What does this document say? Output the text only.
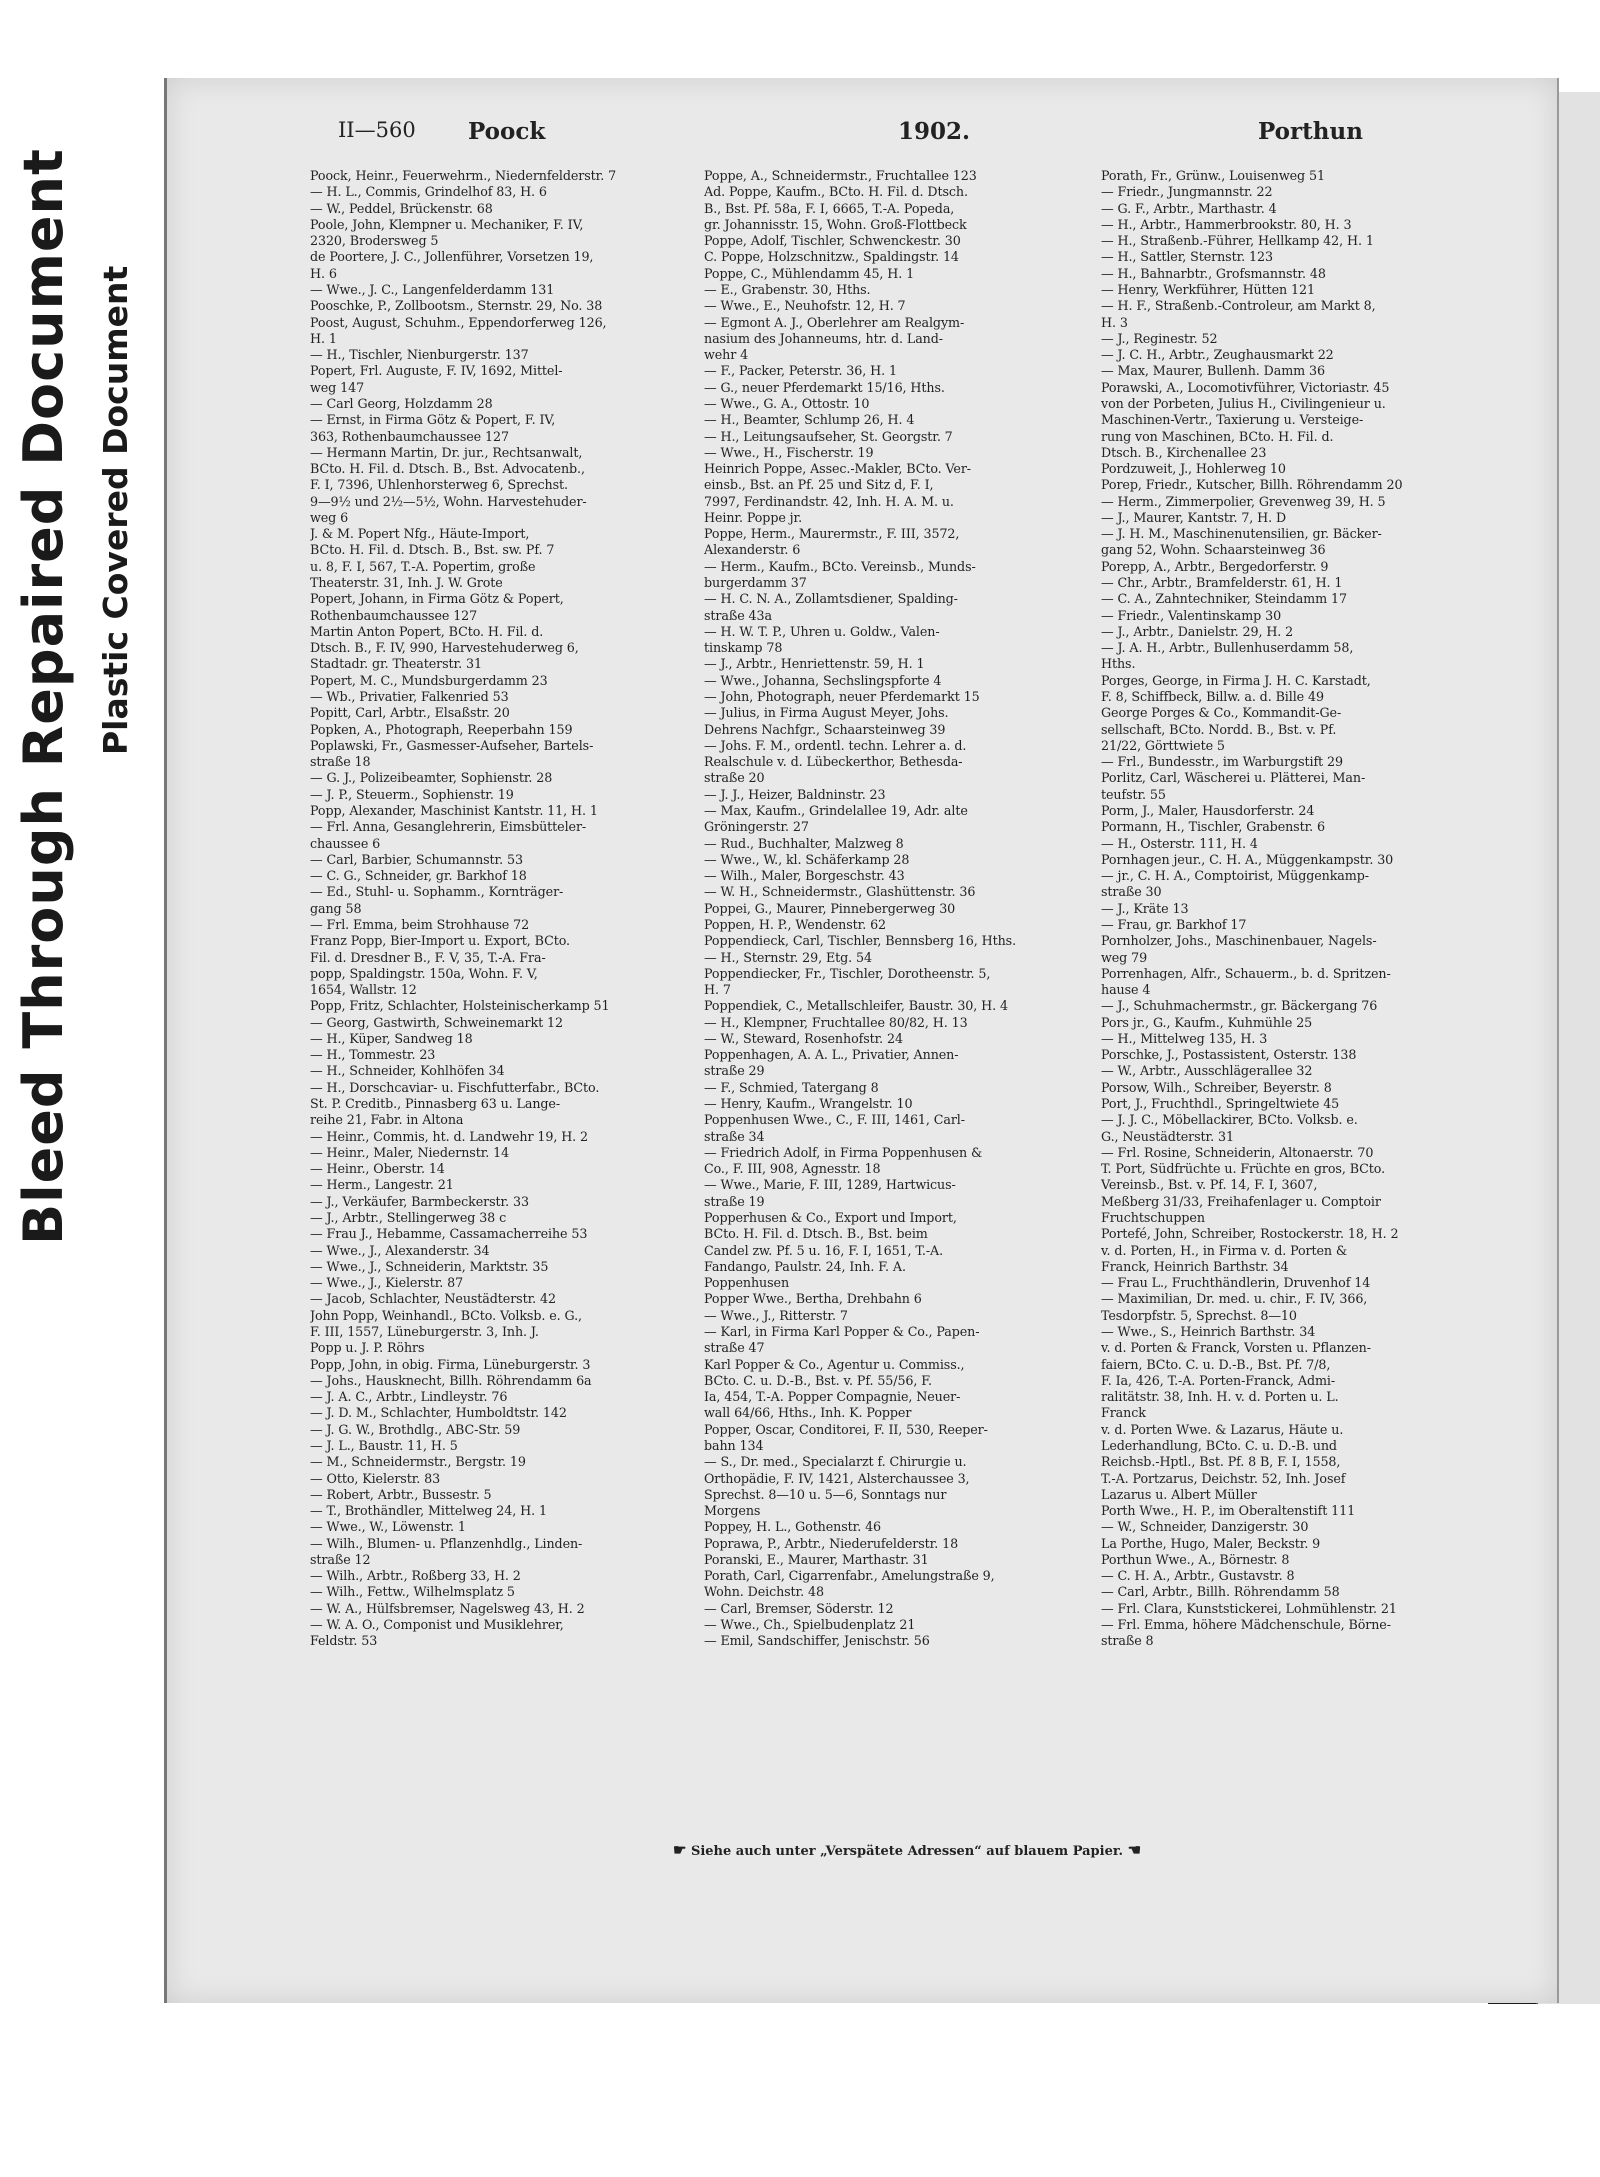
Bleed Through Repaired Document Plastic Covered Document
II—560 Poock	1902.	Porthun

Poock, Heinr., Feuerwehrm., Niedernfelderstr. 7

— H. L., Commis, Grindelhof 83, H. 6

— W., Peddel, Brückenstr. 68

Poole, John, Klempner u. Mechaniker, F. IV,

2320, Brodersweg 5

de Poortere, J. C., Jollenführer, Vorsetzen 19,

H. 6

— Wwe., J. C., Langenfelderdamm 131

Pooschke, P., Zollbootsm., Sternstr. 29, No. 38

Poost, August, Schuhm., Eppendorferweg 126,

H. 1

— H., Tischler, Nienburgerstr. 137

Popert, Frl. Auguste, F. IV, 1692, Mittel-

weg 147

— Carl Georg, Holzdamm 28

— Ernst, in Firma Götz & Popert, F. IV,

363, Rothenbaumchaussee 127

— Hermann Martin, Dr. jur., Rechtsanwalt,

BCto. H. Fil. d. Dtsch. B., Bst. Advocatenb.,

F. I, 7396, Uhlenhorsterweg 6, Sprechst.

9—9½ und 2½—5½, Wohn. Harvestehuder-

weg 6

J. & M. Popert Nfg., Häute-Import,

BCto. H. Fil. d. Dtsch. B., Bst. sw. Pf. 7

u. 8, F. I, 567, T.-A. Popertim, große

Theaterstr. 31, Inh. J. W. Grote

Popert, Johann, in Firma Götz & Popert,

Rothenbaumchaussee 127

Martin Anton Popert, BCto. H. Fil. d.

Dtsch. B., F. IV, 990, Harvestehuderweg 6,

Stadtadr. gr. Theaterstr. 31

Popert, M. C., Mundsburgerdamm 23

— Wb., Privatier, Falkenried 53

Popitt, Carl, Arbtr., Elsaßstr. 20

Popken, A., Photograph, Reeperbahn 159

Poplawski, Fr., Gasmesser-Aufseher, Bartels-

straße 18

— G. J., Polizeibeamter, Sophienstr. 28

— J. P., Steuerm., Sophienstr. 19

Popp, Alexander, Maschinist Kantstr. 11, H. 1

— Frl. Anna, Gesanglehrerin, Eimsbütteler-

chaussee 6

— Carl, Barbier, Schumannstr. 53

— C. G., Schneider, gr. Barkhof 18

— Ed., Stuhl- u. Sophamm., Kornträger-

gang 58

— Frl. Emma, beim Strohhause 72

Franz Popp, Bier-Import u. Export, BCto.

Fil. d. Dresdner B., F. V, 35, T.-A. Fra-

popp, Spaldingstr. 150a, Wohn. F. V,

1654, Wallstr. 12

Popp, Fritz, Schlachter, Holsteinischerkamp 51

— Georg, Gastwirth, Schweinemarkt 12

— H., Küper, Sandweg 18

— H., Tommestr. 23

— H., Schneider, Kohlhöfen 34

— H., Dorschcaviar- u. Fischfutterfabr., BCto.

St. P. Creditb., Pinnasberg 63 u. Lange-

reihe 21, Fabr. in Altona

— Heinr., Commis, ht. d. Landwehr 19, H. 2

— Heinr., Maler, Niedernstr. 14

— Heinr., Oberstr. 14

— Herm., Langestr. 21

— J., Verkäufer, Barmbeckerstr. 33

— J., Arbtr., Stellingerweg 38 c

— Frau J., Hebamme, Cassamacherreihe 53

— Wwe., J., Alexanderstr. 34

— Wwe., J., Schneiderin, Marktstr. 35

— Wwe., J., Kielerstr. 87

— Jacob, Schlachter, Neustädterstr. 42

John Popp, Weinhandl., BCto. Volksb. e. G.,

F. III, 1557, Lüneburgerstr. 3, Inh. J.

Popp u. J. P. Röhrs

Popp, John, in obig. Firma, Lüneburgerstr. 3

— Johs., Hausknecht, Billh. Röhrendamm 6a

— J. A. C., Arbtr., Lindleystr. 76

— J. D. M., Schlachter, Humboldtstr. 142

— J. G. W., Brothdlg., ABC-Str. 59

— J. L., Baustr. 11, H. 5

— M., Schneidermstr., Bergstr. 19

— Otto, Kielerstr. 83

— Robert, Arbtr., Bussestr. 5

— T., Brothändler, Mittelweg 24, H. 1

— Wwe., W., Löwenstr. 1

— Wilh., Blumen- u. Pflanzenhdlg., Linden-

straße 12

— Wilh., Arbtr., Roßberg 33, H. 2

— Wilh., Fettw., Wilhelmsplatz 5

— W. A., Hülfsbremser, Nagelsweg 43, H. 2

— W. A. O., Componist und Musiklehrer,

Feldstr. 53

Poppe, A., Schneidermstr., Fruchtallee 123

Ad. Poppe, Kaufm., BCto. H. Fil. d. Dtsch.

B., Bst. Pf. 58a, F. I, 6665, T.-A. Popeda,

gr. Johannisstr. 15, Wohn. Groß-Flottbeck

Poppe, Adolf, Tischler, Schwenckestr. 30

C. Poppe, Holzschnitzw., Spaldingstr. 14

Poppe, C., Mühlendamm 45, H. 1

— E., Grabenstr. 30, Hths.

— Wwe., E., Neuhofstr. 12, H. 7

— Egmont A. J., Oberlehrer am Realgym-

nasium des Johanneums, htr. d. Land-

wehr 4

— F., Packer, Peterstr. 36, H. 1

— G., neuer Pferdemarkt 15/16, Hths.

— Wwe., G. A., Ottostr. 10

— H., Beamter, Schlump 26, H. 4

— H., Leitungsaufseher, St. Georgstr. 7

— Wwe., H., Fischerstr. 19

Heinrich Poppe, Assec.-Makler, BCto. Ver-

einsb., Bst. an Pf. 25 und Sitz d, F. I,

7997, Ferdinandstr. 42, Inh. H. A. M. u.

Heinr. Poppe jr.

Poppe, Herm., Maurermstr., F. III, 3572,

Alexanderstr. 6

— Herm., Kaufm., BCto. Vereinsb., Munds-

burgerdamm 37

— H. C. N. A., Zollamtsdiener, Spalding-

straße 43a

— H. W. T. P., Uhren u. Goldw., Valen-

tinskamp 78

— J., Arbtr., Henriettenstr. 59, H. 1

— Wwe., Johanna, Sechslingspforte 4

— John, Photograph, neuer Pferdemarkt 15

— Julius, in Firma August Meyer, Johs.

Dehrens Nachfgr., Schaarsteinweg 39

— Johs. F. M., ordentl. techn. Lehrer a. d.

Realschule v. d. Lübeckerthor, Bethesda-

straße 20

— J. J., Heizer, Baldninstr. 23

— Max, Kaufm., Grindelallee 19, Adr. alte

Gröningerstr. 27

— Rud., Buchhalter, Malzweg 8

— Wwe., W., kl. Schäferkamp 28

— Wilh., Maler, Borgeschstr. 43

— W. H., Schneidermstr., Glashüttenstr. 36

Poppei, G., Maurer, Pinnebergerweg 30

Poppen, H. P., Wendenstr. 62

Poppendieck, Carl, Tischler, Bennsberg 16, Hths.

— H., Sternstr. 29, Etg. 54

Poppendiecker, Fr., Tischler, Dorotheenstr. 5,

H. 7

Poppendiek, C., Metallschleifer, Baustr. 30, H. 4

— H., Klempner, Fruchtallee 80/82, H. 13

— W., Steward, Rosenhofstr. 24

Poppenhagen, A. A. L., Privatier, Annen-

straße 29

— F., Schmied, Tatergang 8

— Henry, Kaufm., Wrangelstr. 10

Poppenhusen Wwe., C., F. III, 1461, Carl-

straße 34

— Friedrich Adolf, in Firma Poppenhusen &

Co., F. III, 908, Agnesstr. 18

— Wwe., Marie, F. III, 1289, Hartwicus-

straße 19

Popperhusen & Co., Export und Import,

BCto. H. Fil. d. Dtsch. B., Bst. beim

Candel zw. Pf. 5 u. 16, F. I, 1651, T.-A.

Fandango, Paulstr. 24, Inh. F. A.

Poppenhusen

Popper Wwe., Bertha, Drehbahn 6

— Wwe., J., Ritterstr. 7

— Karl, in Firma Karl Popper & Co., Papen-

straße 47

Karl Popper & Co., Agentur u. Commiss.,

BCto. C. u. D.-B., Bst. v. Pf. 55/56, F.

Ia, 454, T.-A. Popper Compagnie, Neuer-

wall 64/66, Hths., Inh. K. Popper

Popper, Oscar, Conditorei, F. II, 530, Reeper-

bahn 134

— S., Dr. med., Specialarzt f. Chirurgie u.

Orthopädie, F. IV, 1421, Alsterchaussee 3,

Sprechst. 8—10 u. 5—6, Sonntags nur

Morgens

Poppey, H. L., Gothenstr. 46

Poprawa, P., Arbtr., Niederufelderstr. 18

Poranski, E., Maurer, Marthastr. 31

Porath, Carl, Cigarrenfabr., Amelungstraße 9,

Wohn. Deichstr. 48

— Carl, Bremser, Söderstr. 12

— Wwe., Ch., Spielbudenplatz 21

— Emil, Sandschiffer, Jenischstr. 56

Porath, Fr., Grünw., Louisenweg 51

— Friedr., Jungmannstr. 22

— G. F., Arbtr., Marthastr. 4

— H., Arbtr., Hammerbrookstr. 80, H. 3

— H., Straßenb.-Führer, Hellkamp 42, H. 1

— H., Sattler, Sternstr. 123

— H., Bahnarbtr., Grofsmannstr. 48

— Henry, Werkführer, Hütten 121

— H. F., Straßenb.-Controleur, am Markt 8,

H. 3

— J., Reginestr. 52

— J. C. H., Arbtr., Zeughausmarkt 22

— Max, Maurer, Bullenh. Damm 36

Porawski, A., Locomotivführer, Victoriastr. 45

von der Porbeten, Julius H., Civilingenieur u.

Maschinen-Vertr., Taxierung u. Versteige-

rung von Maschinen, BCto. H. Fil. d.

Dtsch. B., Kirchenallee 23

Pordzuweit, J., Hohlerweg 10

Porep, Friedr., Kutscher, Billh. Röhrendamm 20

— Herm., Zimmerpolier, Grevenweg 39, H. 5

— J., Maurer, Kantstr. 7, H. D

— J. H. M., Maschinenutensilien, gr. Bäcker-

gang 52, Wohn. Schaarsteinweg 36

Porepp, A., Arbtr., Bergedorferstr. 9

— Chr., Arbtr., Bramfelderstr. 61, H. 1

— C. A., Zahntechniker, Steindamm 17

— Friedr., Valentinskamp 30

— J., Arbtr., Danielstr. 29, H. 2

— J. A. H., Arbtr., Bullenhuserdamm 58,

Hths.

Porges, George, in Firma J. H. C. Karstadt,

F. 8, Schiffbeck, Billw. a. d. Bille 49

George Porges & Co., Kommandit-Ge-

sellschaft, BCto. Nordd. B., Bst. v. Pf.

21/22, Görttwiete 5

— Frl., Bundesstr., im Warburgstift 29

Porlitz, Carl, Wäscherei u. Plätterei, Man-

teufstr. 55

Porm, J., Maler, Hausdorferstr. 24

Pormann, H., Tischler, Grabenstr. 6

— H., Osterstr. 111, H. 4

Pornhagen jeur., C. H. A., Müggenkampstr. 30

— jr., C. H. A., Comptoirist, Müggenkamp-

straße 30

— J., Kräte 13

— Frau, gr. Barkhof 17

Pornholzer, Johs., Maschinenbauer, Nagels-

weg 79

Porrenhagen, Alfr., Schauerm., b. d. Spritzen-

hause 4

— J., Schuhmachermstr., gr. Bäckergang 76

Pors jr., G., Kaufm., Kuhmühle 25

— H., Mittelweg 135, H. 3

Porschke, J., Postassistent, Osterstr. 138

— W., Arbtr., Ausschlägerallee 32

Porsow, Wilh., Schreiber, Beyerstr. 8

Port, J., Fruchthdl., Springeltwiete 45

— J. J. C., Möbellackirer, BCto. Volksb. e.

G., Neustädterstr. 31

— Frl. Rosine, Schneiderin, Altonaerstr. 70

T. Port, Südfrüchte u. Früchte en gros, BCto.

Vereinsb., Bst. v. Pf. 14, F. I, 3607,

Meßberg 31/33, Freihafenlager u. Comptoir

Fruchtschuppen

Portefé, John, Schreiber, Rostockerstr. 18, H. 2

v. d. Porten, H., in Firma v. d. Porten &

Franck, Heinrich Barthstr. 34

— Frau L., Fruchthändlerin, Druvenhof 14

— Maximilian, Dr. med. u. chir., F. IV, 366,

Tesdorpfstr. 5, Sprechst. 8—10

— Wwe., S., Heinrich Barthstr. 34

v. d. Porten & Franck, Vorsten u. Pflanzen-

faiern, BCto. C. u. D.-B., Bst. Pf. 7/8,

F. Ia, 426, T.-A. Porten-Franck, Admi-

ralitätstr. 38, Inh. H. v. d. Porten u. L.

Franck

v. d. Porten Wwe. & Lazarus, Häute u.

Lederhandlung, BCto. C. u. D.-B. und

Reichsb.-Hptl., Bst. Pf. 8 B, F. I, 1558,

T.-A. Portzarus, Deichstr. 52, Inh. Josef

Lazarus u. Albert Müller

Porth Wwe., H. P., im Oberaltenstift 111

— W., Schneider, Danzigerstr. 30

La Porthe, Hugo, Maler, Beckstr. 9

Porthun Wwe., A., Börnestr. 8

— C. H. A., Arbtr., Gustavstr. 8

— Carl, Arbtr., Billh. Röhrendamm 58

— Frl. Clara, Kunststickerei, Lohmühlenstr. 21

— Frl. Emma, höhere Mädchenschule, Börne-

straße 8

☛ Siehe auch unter „Verspätete Adressen“ auf blauem Papier. ☚
